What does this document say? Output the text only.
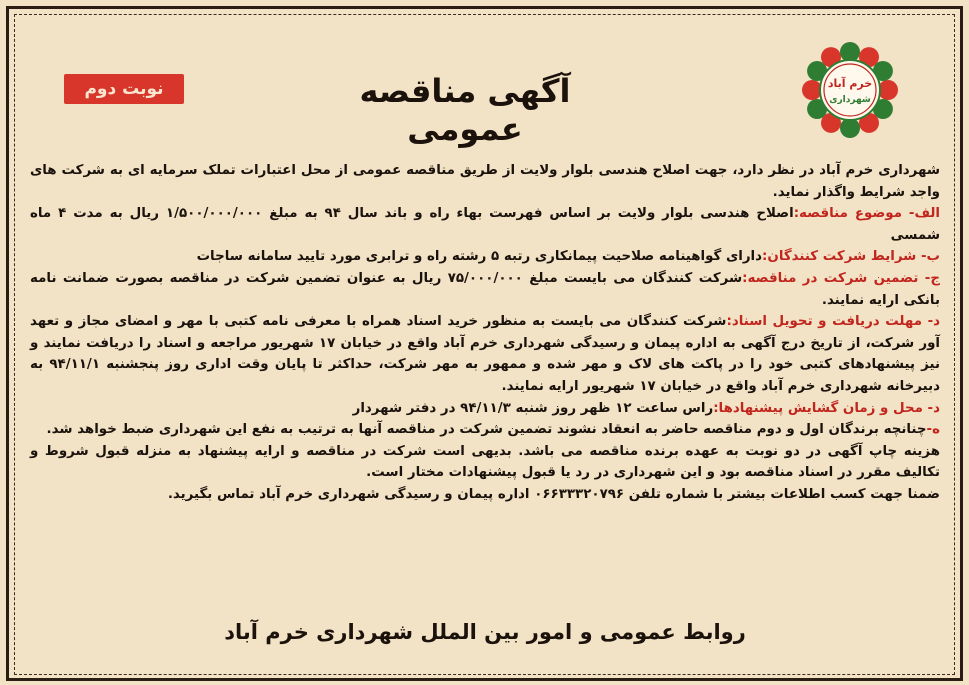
نوبت دوم	آگهی مناقصه عمومی
خرم آباد
شهرداری

شهرداری خرم آباد در نظر دارد، جهت اصلاح هندسی بلوار ولایت از طریق مناقصه عمومی از محل اعتبارات تملک سرمایه ای به شرکت های واجد شرایط واگذار نماید.

الف- موضوع مناقصه:اصلاح هندسی بلوار ولایت بر اساس فهرست بهاء راه و باند سال ۹۴ به مبلغ ۱/۵۰۰/۰۰۰/۰۰۰ ریال به مدت ۴ ماه شمسی

ب- شرایط شرکت کنندگان:دارای گواهینامه صلاحیت پیمانکاری رتبه ۵ رشته راه و ترابری مورد تایید سامانه ساجات

ج- تضمین شرکت در مناقصه:شرکت کنندگان می بایست مبلغ ۷۵/۰۰۰/۰۰۰ ریال به عنوان تضمین شرکت در مناقصه بصورت ضمانت نامه بانکی ارایه نمایند.

د- مهلت دریافت و تحویل اسناد:شرکت کنندگان می بایست به منظور خرید اسناد همراه با معرفی نامه کتبی با مهر و امضای مجاز و تعهد آور شرکت، از تاریخ درج آگهی به اداره پیمان و رسیدگی شهرداری خرم آباد واقع در خیابان ۱۷ شهریور مراجعه و اسناد را دریافت نمایند و نیز پیشنهادهای کتبی خود را در پاکت های لاک و مهر شده و ممهور به مهر شرکت، حداکثر تا پایان وقت اداری روز پنجشنبه ۹۴/۱۱/۱ به دبیرخانه شهرداری خرم آباد واقع در خیابان ۱۷ شهریور ارایه نمایند.

د- محل و زمان گشایش پیشنهادها:راس ساعت ۱۲ ظهر روز شنبه ۹۴/۱۱/۳ در دفتر شهردار

ه-چنانچه برندگان اول و دوم مناقصه حاضر به انعقاد نشوند تضمین شرکت در مناقصه آنها به ترتیب به نفع این شهرداری ضبط خواهد شد.

هزینه چاپ آگهی در دو نوبت به عهده برنده مناقصه می باشد. بدیهی است شرکت در مناقصه و ارایه پیشنهاد به منزله قبول شروط و تکالیف مقرر در اسناد مناقصه بود و این شهرداری در رد یا قبول پیشنهادات مختار است.

ضمنا جهت کسب اطلاعات بیشتر با شماره تلفن ۰۶۶۳۳۳۲۰۷۹۶ اداره پیمان و رسیدگی شهرداری خرم آباد تماس بگیرید.

روابط عمومی و امور بین الملل شهرداری خرم آباد
